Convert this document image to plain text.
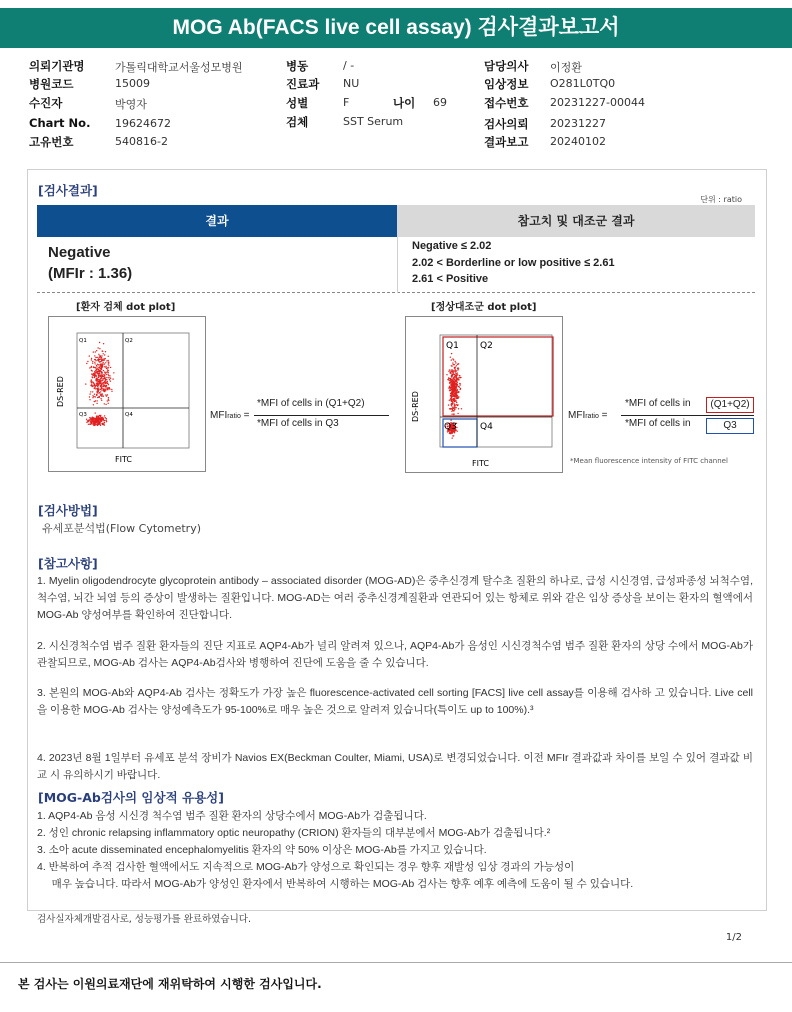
MOG Ab(FACS live cell assay) 검사결과보고서
의뢰기관명	가톨릭대학교서울성모병원
병원코드	15009
수진자	박영자
Chart No. 19624672
고유번호	540816-2
병동	/ -
진료과 NU
성별	F	나이 69
검체	SST Serum
담당의사 이정환
임상정보 O281L0TQ0
접수번호 20231227-00044
검사의뢰 20231227
결과보고 20240102
[검사결과]
단위 : ratio
결과	참고치 및 대조군 결과
Negative
(MFIr : 1.36)
Negative ≤ 2.02
2.02 < Borderline or low positive ≤ 2.61
2.61 < Positive
[환자 검체 dot plot]
Q1	Q2
Q3	Q4
FITC
DS-RED
MFIratio =
*MFI of cells in (Q1+Q2)
*MFI of cells in Q3
[정상대조군 dot plot]
Q1 Q2
Q3	Q4
FITC
DS-RED	MFIratio =
*MFI of cells in	(Q1+Q2)
*MFI of cells in	Q3
*Mean fluorescence intensity of FITC channel
[검사방법]
유세포분석법(Flow Cytometry)
[참고사항]
1. Myelin oligodendrocyte glycoprotein antibody – associated disorder (MOG-AD)은 중추신경계 탈수초 질환의 하나로, 급성 시신경염, 급성파종성 뇌척수염, 척수염, 뇌간 뇌염 등의 증상이 발생하는 질환입니다. MOG-AD는 여러 중추신경계질환과 연관되어 있는 항체로 위와 같은 임상 증상을 보이는 환자의 혈액에서 MOG-Ab 양성여부를 확인하여 진단합니다.
2. 시신경척수염 범주 질환 환자들의 진단 지표로 AQP4-Ab가 널리 알려져 있으나, AQP4-Ab가 음성인 시신경척수염 범주 질환 환자의 상당 수에서 MOG-Ab가 관찰되므로, MOG-Ab 검사는 AQP4-Ab검사와 병행하여 진단에 도움을 줄 수 있습니다.
3. 본원의 MOG-Ab와 AQP4-Ab 검사는 정확도가 가장 높은 fluorescence-activated cell sorting [FACS] live cell assay를 이용해 검사하 고 있습니다. Live cell을 이용한 MOG-Ab 검사는 양성예측도가 95-100%로 매우 높은 것으로 알려져 있습니다(특이도 up to 100%).³
4. 2023년 8월 1일부터 유세포 분석 장비가 Navios EX(Beckman Coulter, Miami, USA)로 변경되었습니다. 이전 MFIr 결과값과 차이를 보일 수 있어 결과값 비교 시 유의하시기 바랍니다.
[MOG-Ab검사의 임상적 유용성]
1. AQP4-Ab 음성 시신경 척수염 범주 질환 환자의 상당수에서 MOG-Ab가 검출됩니다.
2. 성인 chronic relapsing inflammatory optic neuropathy (CRION) 환자들의 대부분에서 MOG-Ab가 검출됩니다.²
3. 소아 acute disseminated encephalomyelitis 환자의 약 50% 이상은 MOG-Ab를 가지고 있습니다.
4. 반복하여 추적 검사한 혈액에서도 지속적으로 MOG-Ab가 양성으로 확인되는 경우 향후 재발성 임상 경과의 가능성이
매우 높습니다. 따라서 MOG-Ab가 양성인 환자에서 반복하여 시행하는 MOG-Ab 검사는 향후 예후 예측에 도움이 될 수 있습니다.
검사실자체개발검사로, 성능평가를 완료하였습니다.
1/2
본 검사는 이원의료재단에 재위탁하여 시행한 검사입니다.
